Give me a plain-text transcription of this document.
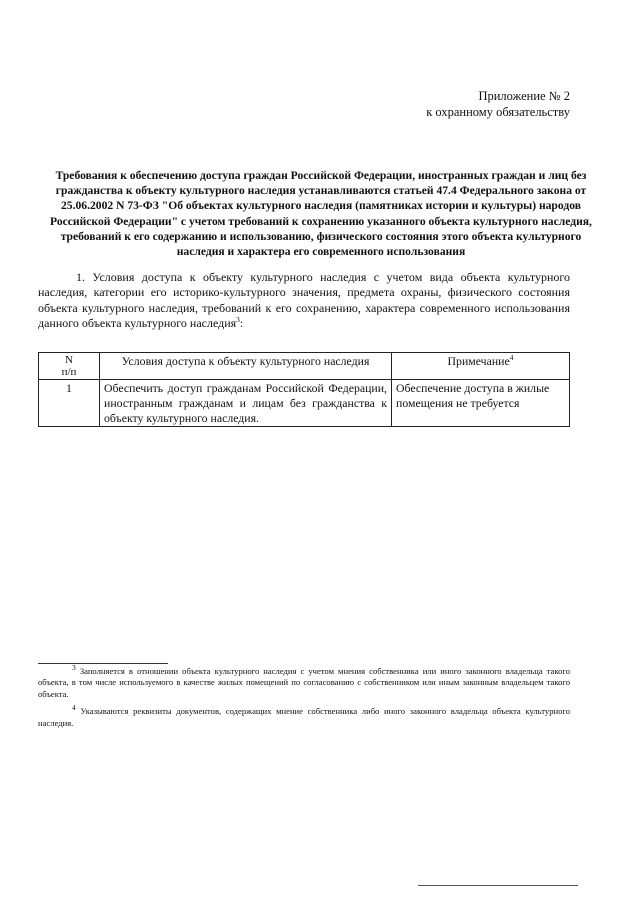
Приложение № 2
к охранному обязательству
Требования к обеспечению доступа граждан Российской Федерации, иностранных граждан и лиц без гражданства к объекту культурного наследия устанавливаются статьей 47.4 Федерального закона от 25.06.2002 N 73-ФЗ "Об объектах культурного наследия (памятниках истории и культуры) народов Российской Федерации" с учетом требований к сохранению указанного объекта культурного наследия, требований к его содержанию и использованию, физического состояния этого объекта культурного наследия и характера его современного использования
1. Условия доступа к объекту культурного наследия с учетом вида объекта культурного наследия, категории его историко-культурного значения, предмета охраны, физического состояния объекта культурного наследия, требований к его сохранению, характера современного использования данного объекта культурного наследия$^3$:
N
п/п	Условия доступа к объекту культурного наследия	Примечание$^4$
1	Обеспечить доступ гражданам Российской Федерации, иностранным гражданам и лицам без гражданства к объекту культурного наследия.	Обеспечение доступа в жилые помещения не требуется

$^3$ Заполняется в отношении объекта культурного наследия с учетом мнения собственника или иного законного владельца такого объекта, в том числе используемого в качестве жилых помещений по согласованию с собственником или иным законным владельцем такого объекта.

$^4$ Указываются реквизиты документов, содержащих мнение собственника либо иного законного владельца объекта культурного наследия.
